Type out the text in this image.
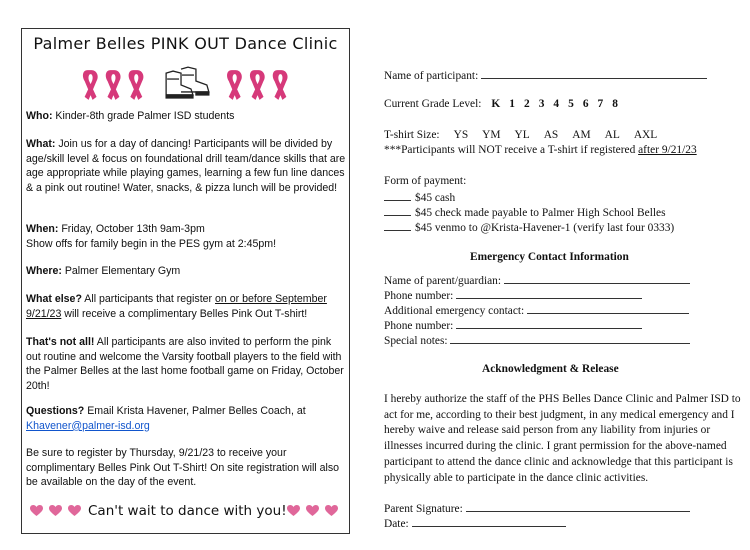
Palmer Belles PINK OUT Dance Clinic
Who: Kinder-8th grade Palmer ISD students
What: Join us for a day of dancing! Participants will be divided by age/skill level & focus on foundational drill team/dance skills that are age appropriate while playing games, learning a few fun line dances & a pink out routine! Water, snacks, & pizza lunch will be provided!
When: Friday, October 13th 9am-3pm
Show offs for family begin in the PES gym at 2:45pm!
Where: Palmer Elementary Gym
What else? All participants that register on or before September 9/21/23 will receive a complimentary Belles Pink Out T-shirt!
That's not all! All participants are also invited to perform the pink out routine and welcome the Varsity football players to the field with the Palmer Belles at the last home football game on Friday, October 20th!
Questions? Email Krista Havener, Palmer Belles Coach, at
Khavener@palmer-isd.org
Be sure to register by Thursday, 9/21/23 to receive your complimentary Belles Pink Out T-Shirt! On site registration will also be available on the day of the event.
Can't wait to dance with you!
Name of participant:
Current Grade Level: K 1 2 3 4 5 6 7 8
T-shirt Size: YS YM YL AS AM AL AXL
***Participants will NOT receive a T-shirt if registered after 9/21/23
Form of payment:
$45 cash
$45 check made payable to Palmer High School Belles
$45 venmo to @Krista-Havener-1 (verify last four 0333)
Emergency Contact Information
Name of parent/guardian:
Phone number:
Additional emergency contact:
Phone number:
Special notes:
Acknowledgment & Release
I hereby authorize the staff of the PHS Belles Dance Clinic and Palmer ISD to act for me, according to their best judgment, in any medical emergency and I hereby waive and release said person from any liability from injuries or illnesses incurred during the clinic. I grant permission for the above-named participant to attend the dance clinic and acknowledge that this participant is physically able to participate in the dance clinic activities.
Parent Signature:
Date:
